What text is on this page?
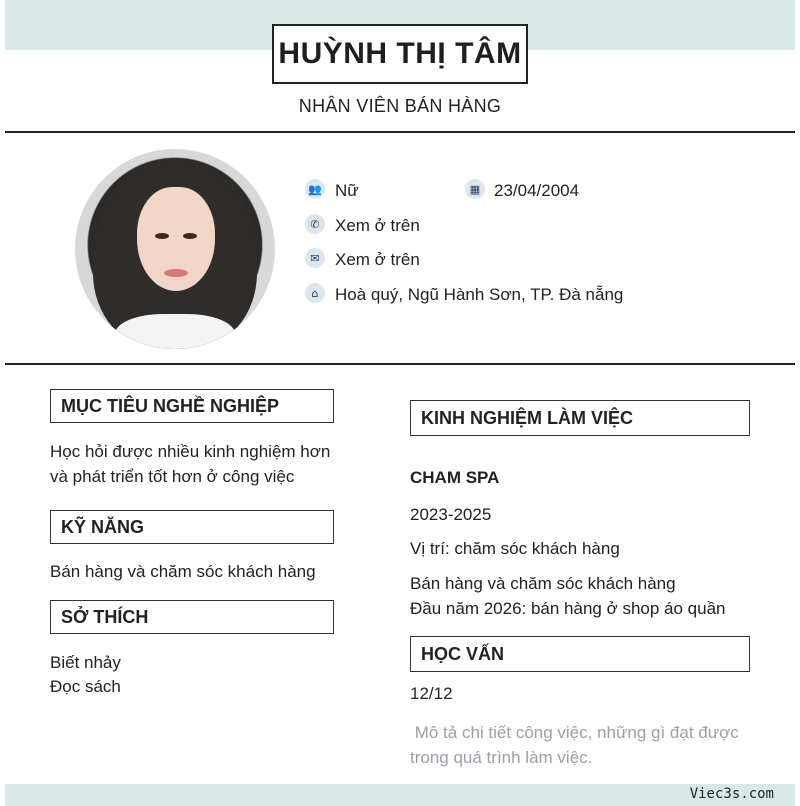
HUỲNH THỊ TÂM
NHÂN VIÊN BÁN HÀNG
👥 Nữ	▦ 23/04/2004
✆ Xem ở trên
✉ Xem ở trên
⌂ Hoà quý, Ngũ Hành Sơn, TP. Đà nẵng
MỤC TIÊU NGHỀ NGHIỆP
Học hỏi được nhiều kinh nghiệm hơn
và phát triển tốt hơn ở công việc
KỸ NĂNG
Bán hàng và chăm sóc khách hàng
SỞ THÍCH
Biết nhảy
Đọc sách
KINH NGHIỆM LÀM VIỆC
CHAM SPA
2023-2025
Vị trí: chăm sóc khách hàng
Bán hàng và chăm sóc khách hàng
Đầu năm 2026: bán hàng ở shop áo quần
HỌC VẤN
12/12
Mô tả chi tiết công việc, những gì đạt được
trong quá trình làm việc.
Viec3s.com
